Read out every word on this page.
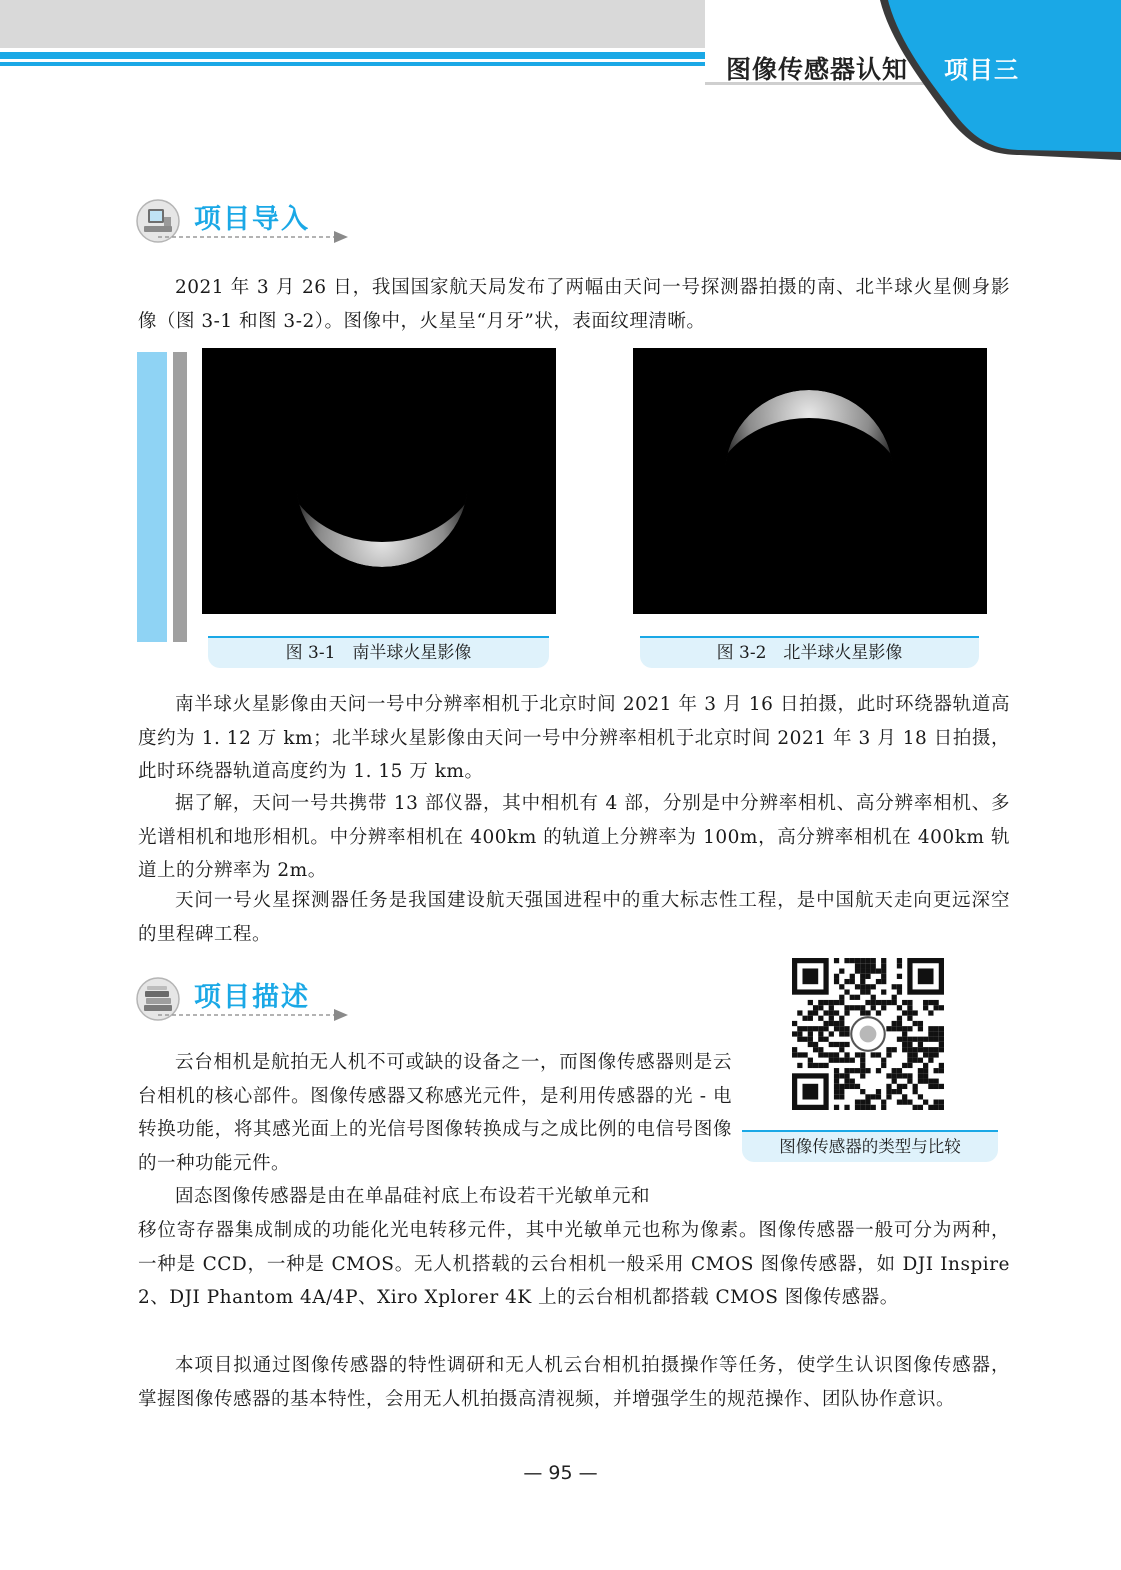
图像传感器认知 项目三
项目导入
2021 年 3 月 26 日，我国国家航天局发布了两幅由天问一号探测器拍摄的南、北半球火星侧身影像（图 3-1 和图 3-2）。图像中，火星呈“月牙”状，表面纹理清晰。
图 3-1　南半球火星影像	图 3-2　北半球火星影像
南半球火星影像由天问一号中分辨率相机于北京时间 2021 年 3 月 16 日拍摄，此时环绕器轨道高度约为 1. 12 万 km；北半球火星影像由天问一号中分辨率相机于北京时间 2021 年 3 月 18 日拍摄，此时环绕器轨道高度约为 1. 15 万 km。
据了解，天问一号共携带 13 部仪器，其中相机有 4 部，分别是中分辨率相机、高分辨率相机、多光谱相机和地形相机。中分辨率相机在 400km 的轨道上分辨率为 100m，高分辨率相机在 400km 轨道上的分辨率为 2m。
天问一号火星探测器任务是我国建设航天强国进程中的重大标志性工程，是中国航天走向更远深空的里程碑工程。
项目描述
云台相机是航拍无人机不可或缺的设备之一，而图像传感器则是云台相机的核心部件。图像传感器又称感光元件，是利用传感器的光 - 电转换功能，将其感光面上的光信号图像转换成与之成比例的电信号图像的一种功能元件。
固态图像传感器是由在单晶硅衬底上布设若干光敏单元和
移位寄存器集成制成的功能化光电转移元件，其中光敏单元也称为像素。图像传感器一般可分为两种，一种是 CCD，一种是 CMOS。无人机搭载的云台相机一般采用 CMOS 图像传感器，如 DJI Inspire 2、DJI Phantom 4A/4P、Xiro Xplorer 4K 上的云台相机都搭载 CMOS 图像传感器。
本项目拟通过图像传感器的特性调研和无人机云台相机拍摄操作等任务，使学生认识图像传感器，掌握图像传感器的基本特性，会用无人机拍摄高清视频，并增强学生的规范操作、团队协作意识。
图像传感器的类型与比较
— 95 —
